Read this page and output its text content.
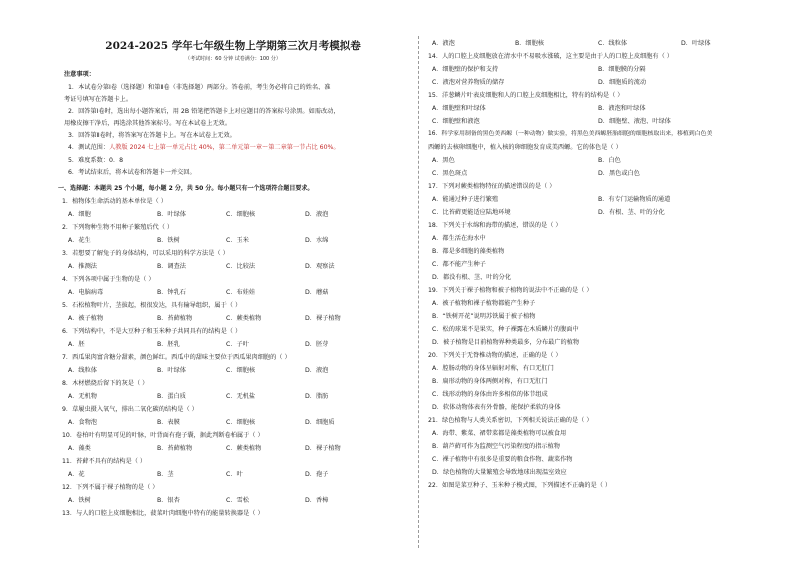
2024-2025 学年七年级生物上学期第三次月考模拟卷
（考试时间：60 分钟 试卷满分：100 分）
注意事项：
1．本试卷分第Ⅰ卷（选择题）和第Ⅱ卷（非选择题）两部分。答卷前，考生务必将自己的姓名、准
考证号填写在答题卡上。
2．回答第Ⅰ卷时，选出每小题答案后，用 2B 铅笔把答题卡上对应题目的答案标号涂黑。如需改动，
用橡皮擦干净后，再选涂其他答案标号。写在本试卷上无效。
3．回答第Ⅱ卷时，将答案写在答题卡上。写在本试卷上无效。
4．测试范围：人教版 2024 七上第一单元占比 40%，第二单元第一章～第二章第一节占比 60%。
5．难度系数：0．8
6．考试结束后，将本试卷和答题卡一并交回。
一、选择题：本题共 25 个小题，每小题 2 分，共 50 分。每小题只有一个选项符合题目要求。
1．植物体生命活动的基本单位是（ ）
A．细胞	B．叶绿体	C．细胞核	D．液泡
2．下列物种生物不用种子繁殖后代（ ）
A．花生	B．铁树	C．玉米	D．水绵
3．若想要了解兔子的身体结构，可以采用的科学方法是（ ）
A．推测法	B．调查法	C．比较法	D．观察法
4．下列各项中属于生物的是（ ）
A．电脑病毒	B．钟乳石	C．布娃娃	D．蘑菇
5．石松植物叶片，茎拔起，根很发达，具有输导组织，属于（ ）
A．被子植物	B．苔藓植物	C．蕨类植物	D．裸子植物
6．下列结构中，不是大豆种子和玉米种子共同具有的结构是（ ）
A．胚	B．胚乳	C．子叶	D．胚芽
7．西瓜果肉富含糖分甜素，颜色鲜红。西瓜中的甜味主要位于西瓜果肉细胞的（ ）
A．线粒体	B．叶绿体	C．细胞核	D．液泡
8．木材燃烧后留下的灰是（ ）
A．无机物	B．蛋白质	C．无机盐	D．脂肪
9．草履虫摄入氧气，排出二氧化碳的结构是（ ）
A．食物泡	B．表膜	C．细胞核	D．细胞质
10．卷柏叶有明显可见的叶脉，叶背面有孢子囊，据此判断卷柏属于（ ）
A．藻类	B．苔藓植物	C．蕨类植物	D．裸子植物
11．苔藓不具有的结构是（ ）
A．花	B．茎	C．叶	D．孢子
12．下列不属于裸子植物的是（ ）
A．铁树	B．银杏	C．雪松	D．香樟
13．与人的口腔上皮细胞相比，菠菜叶肉细胞中特有的能量转换器是（ ）
A．液泡	B．细胞核	C．线粒体	D．叶绿体
14．人的口腔上皮细胞放在清水中不易吸水涨破，这主要是由于人的口腔上皮细胞有（ ）
A．细胞壁的保护和支持	B．细胞膜的分隔
C．液泡对营养物质的储存	D．细胞质的流动
15．洋葱鳞片叶表皮细胞和人的口腔上皮细胞相比，特有的结构是（ ）
A．细胞壁和叶绿体	B．液泡和叶绿体
C．细胞壁和液泡	D．细胞壁、液泡、叶绿体
16．科学家用制备的黑色美西螈（一种动物）做实验，将黑色美西螈胚胎细胞的细胞核取出来，移植到白色美
西螈的去核卵细胞中，植入核的卵细胞发育成美西螈。它的体色是（ ）
A．黑色	B．白色
C．黑色斑点	D．黑色或白色
17．下列对蕨类植物特征的描述错误的是（ ）
A．能通过种子进行繁殖	B．有专门运输物质的通道
C．比苔藓更能适应陆地环境	D．有根、茎、叶的分化
18．下列关于水绵和海带的描述，错误的是（ ）
A．都生活在海水中
B．都是多细胞的藻类植物
C．都不能产生种子
D．都没有根、茎、叶的分化
19．下列关于裸子植物和被子植物的说法中不正确的是（ ）
A．被子植物和裸子植物都能产生种子
B．“铁树开花”说明苏铁属于被子植物
C．松的球果不是果实，种子裸露在木质鳞片的腹面中
D．被子植物是目前植物界种类最多，分布最广的植物
20．下列关于无脊椎动物的描述，正确的是（ ）
A．腔肠动物的身体呈辐射对称，有口无肛门
B．扁形动物的身体两侧对称，有口无肛门
C．线形动物的身体由许多相似的体节组成
D．软体动物体表有外骨骼，能保护柔软的身体
21．绿色植物与人类关系密切，下列相关说法正确的是（ ）
A．海带、紫菜、裙带菜都是藻类植物可以被食用
B．葫芦藓可作为监测空气污染程度的指示植物
C．裸子植物中有很多是重要的粮食作物、蔬菜作物
D．绿色植物的大量繁殖会导致地球出现温室效应
22．如图是菜豆种子、玉米种子模式图，下列描述不正确的是（ ）
